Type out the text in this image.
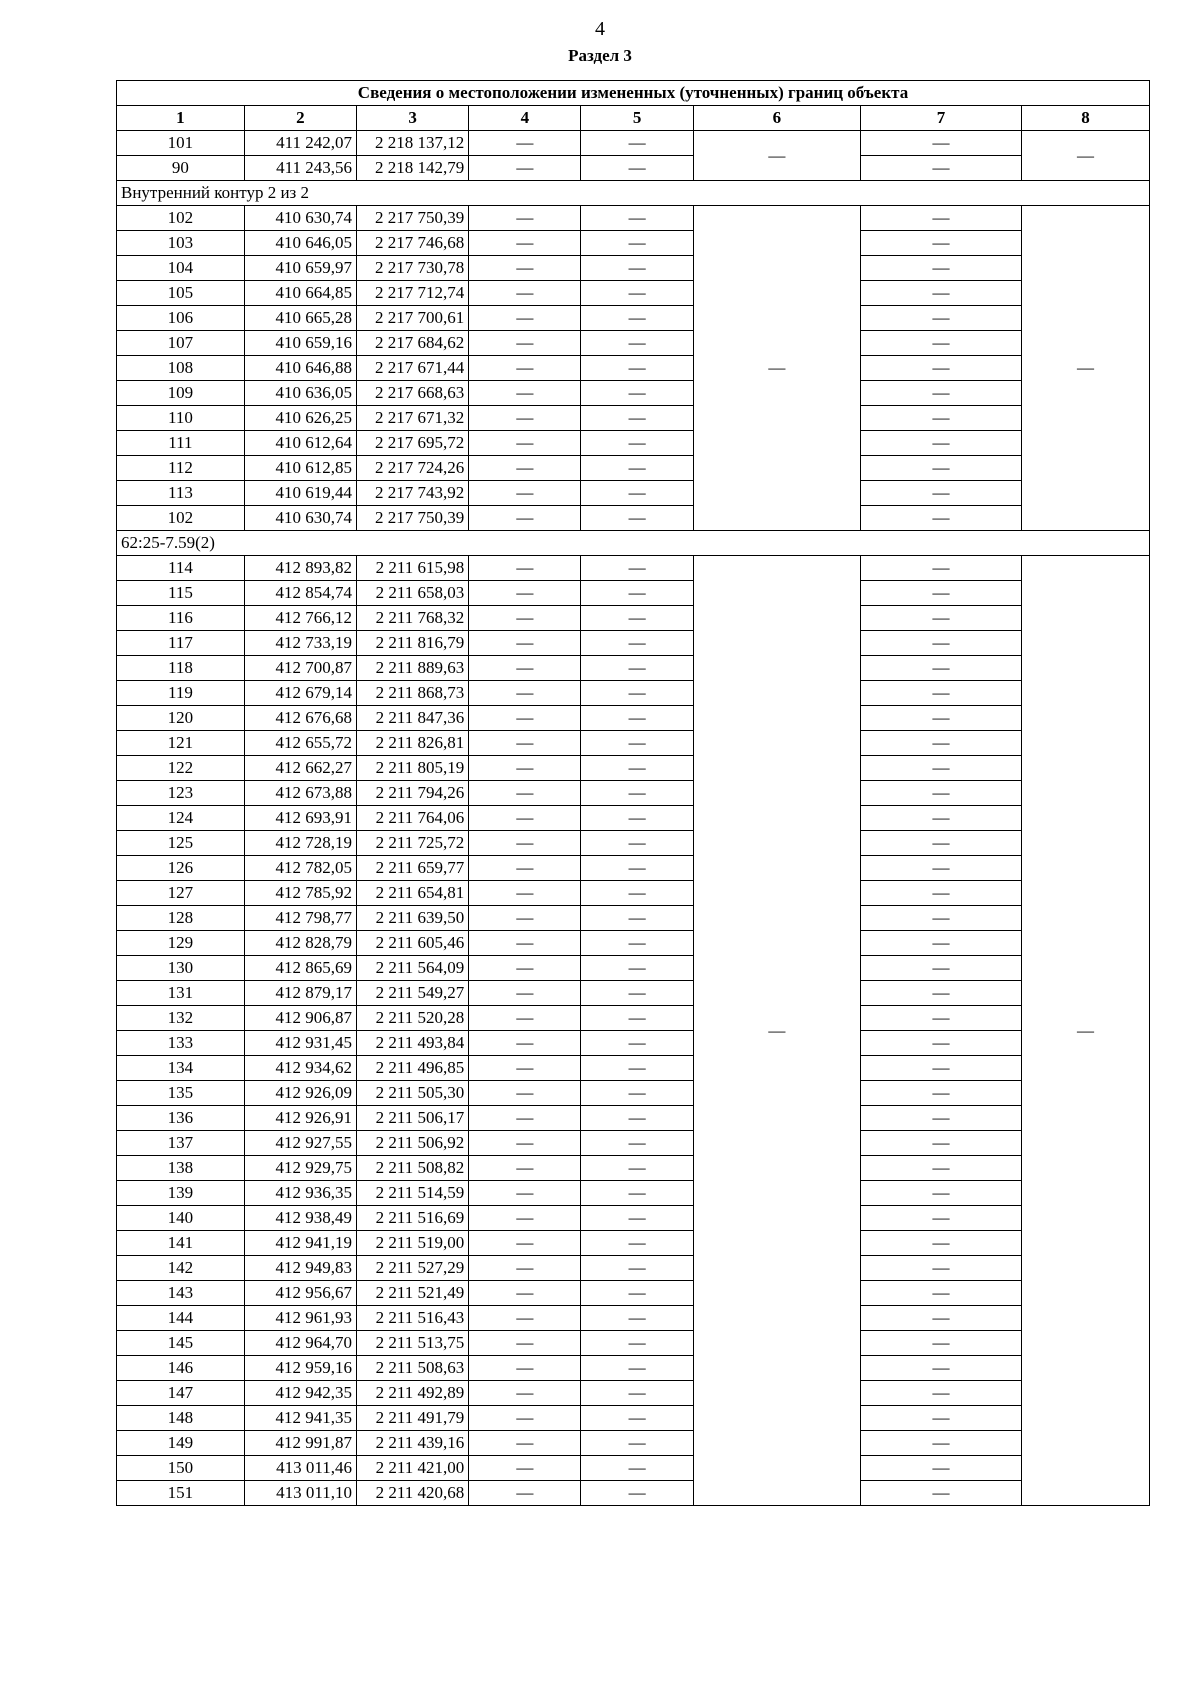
4
Раздел 3
Сведения о местоположении измененных (уточненных) границ объекта							
1	2	3	4	5	6	7	8
101	411 242,07	2 218 137,12	—	—	—	—	—
90	411 243,56	2 218 142,79	—	—		—	
Внутренний контур 2 из 2							
102	410 630,74	2 217 750,39	—	—	—	—	—
103	410 646,05	2 217 746,68	—	—		—	
104	410 659,97	2 217 730,78	—	—		—	
105	410 664,85	2 217 712,74	—	—		—	
106	410 665,28	2 217 700,61	—	—		—	
107	410 659,16	2 217 684,62	—	—		—	
108	410 646,88	2 217 671,44	—	—		—	
109	410 636,05	2 217 668,63	—	—		—	
110	410 626,25	2 217 671,32	—	—		—	
111	410 612,64	2 217 695,72	—	—		—	
112	410 612,85	2 217 724,26	—	—		—	
113	410 619,44	2 217 743,92	—	—		—	
102	410 630,74	2 217 750,39	—	—		—	
62:25-7.59(2)							
114	412 893,82	2 211 615,98	—	—	—	—	—
115	412 854,74	2 211 658,03	—	—		—	
116	412 766,12	2 211 768,32	—	—		—	
117	412 733,19	2 211 816,79	—	—		—	
118	412 700,87	2 211 889,63	—	—		—	
119	412 679,14	2 211 868,73	—	—		—	
120	412 676,68	2 211 847,36	—	—		—	
121	412 655,72	2 211 826,81	—	—		—	
122	412 662,27	2 211 805,19	—	—		—	
123	412 673,88	2 211 794,26	—	—		—	
124	412 693,91	2 211 764,06	—	—		—	
125	412 728,19	2 211 725,72	—	—		—	
126	412 782,05	2 211 659,77	—	—		—	
127	412 785,92	2 211 654,81	—	—		—	
128	412 798,77	2 211 639,50	—	—		—	
129	412 828,79	2 211 605,46	—	—		—	
130	412 865,69	2 211 564,09	—	—		—	
131	412 879,17	2 211 549,27	—	—		—	
132	412 906,87	2 211 520,28	—	—		—	
133	412 931,45	2 211 493,84	—	—		—	
134	412 934,62	2 211 496,85	—	—		—	
135	412 926,09	2 211 505,30	—	—		—	
136	412 926,91	2 211 506,17	—	—		—	
137	412 927,55	2 211 506,92	—	—		—	
138	412 929,75	2 211 508,82	—	—		—	
139	412 936,35	2 211 514,59	—	—		—	
140	412 938,49	2 211 516,69	—	—		—	
141	412 941,19	2 211 519,00	—	—		—	
142	412 949,83	2 211 527,29	—	—		—	
143	412 956,67	2 211 521,49	—	—		—	
144	412 961,93	2 211 516,43	—	—		—	
145	412 964,70	2 211 513,75	—	—		—	
146	412 959,16	2 211 508,63	—	—		—	
147	412 942,35	2 211 492,89	—	—		—	
148	412 941,35	2 211 491,79	—	—		—	
149	412 991,87	2 211 439,16	—	—		—	
150	413 011,46	2 211 421,00	—	—		—	
151	413 011,10	2 211 420,68	—	—		—	
